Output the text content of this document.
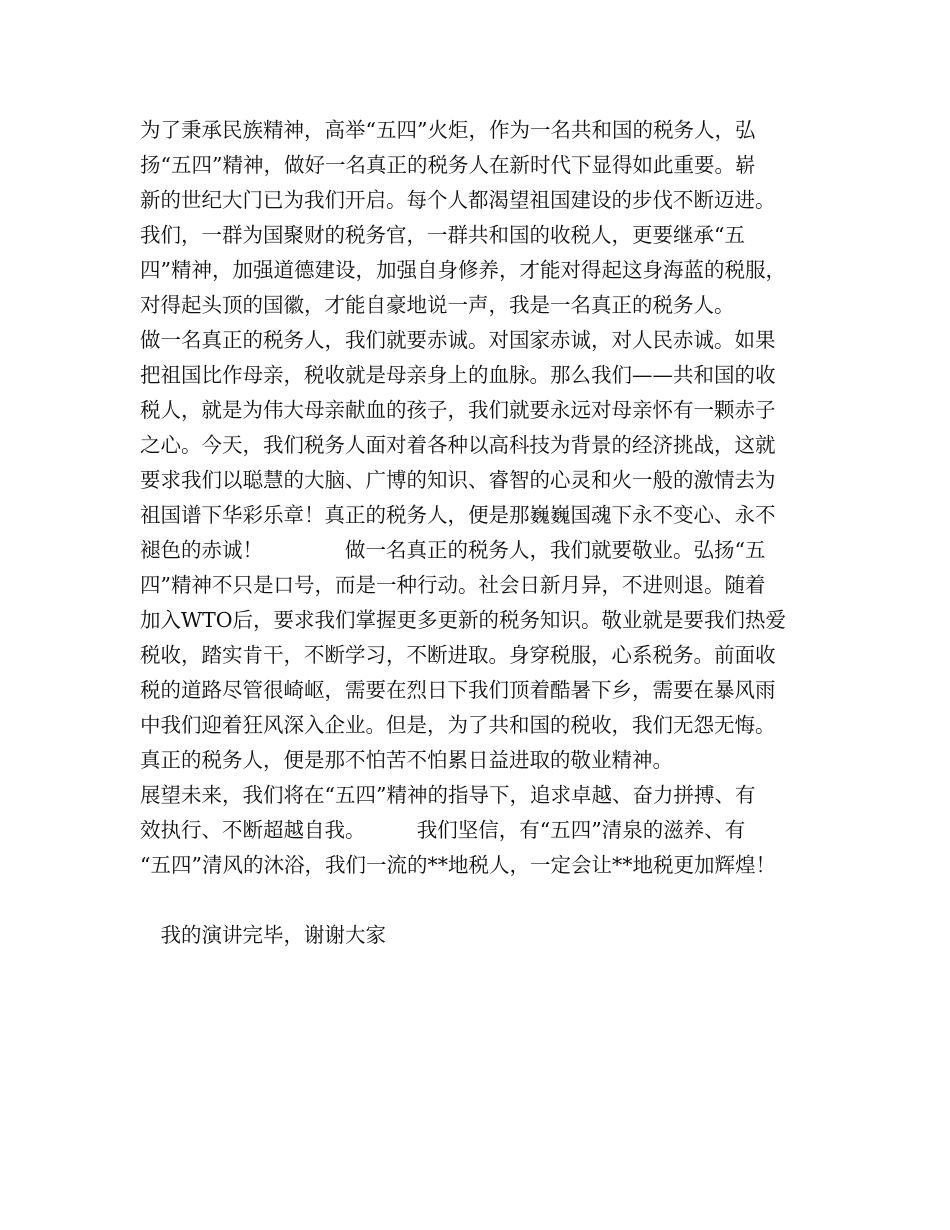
为了秉承民族精神，高举“五四”火炬，作为一名共和国的税务人，弘
扬“五四”精神，做好一名真正的税务人在新时代下显得如此重要。崭
新的世纪大门已为我们开启。每个人都渴望祖国建设的步伐不断迈进。
我们，一群为国聚财的税务官，一群共和国的收税人，更要继承“五
四”精神，加强道德建设，加强自身修养，才能对得起这身海蓝的税服，
对得起头顶的国徽，才能自豪地说一声，我是一名真正的税务人。
做一名真正的税务人，我们就要赤诚。对国家赤诚，对人民赤诚。如果
把祖国比作母亲，税收就是母亲身上的血脉。那么我们——共和国的收
税人，就是为伟大母亲献血的孩子，我们就要永远对母亲怀有一颗赤子
之心。今天，我们税务人面对着各种以高科技为背景的经济挑战，这就
要求我们以聪慧的大脑、广博的知识、睿智的心灵和火一般的激情去为
祖国谱下华彩乐章！真正的税务人，便是那巍巍国魂下永不变心、永不
褪色的赤诚！　　　　做一名真正的税务人，我们就要敬业。弘扬“五
四”精神不只是口号，而是一种行动。社会日新月异，不进则退。随着
加入WTO后，要求我们掌握更多更新的税务知识。敬业就是要我们热爱
税收，踏实肯干，不断学习，不断进取。身穿税服，心系税务。前面收
税的道路尽管很崎岖，需要在烈日下我们顶着酷暑下乡，需要在暴风雨
中我们迎着狂风深入企业。但是，为了共和国的税收，我们无怨无悔。
真正的税务人，便是那不怕苦不怕累日益进取的敬业精神。
展望未来，我们将在“五四”精神的指导下，追求卓越、奋力拼搏、有
效执行、不断超越自我。　　　我们坚信，有“五四”清泉的滋养、有
“五四”清风的沐浴，我们一流的**地税人，一定会让**地税更加辉煌！
　我的演讲完毕，谢谢大家
